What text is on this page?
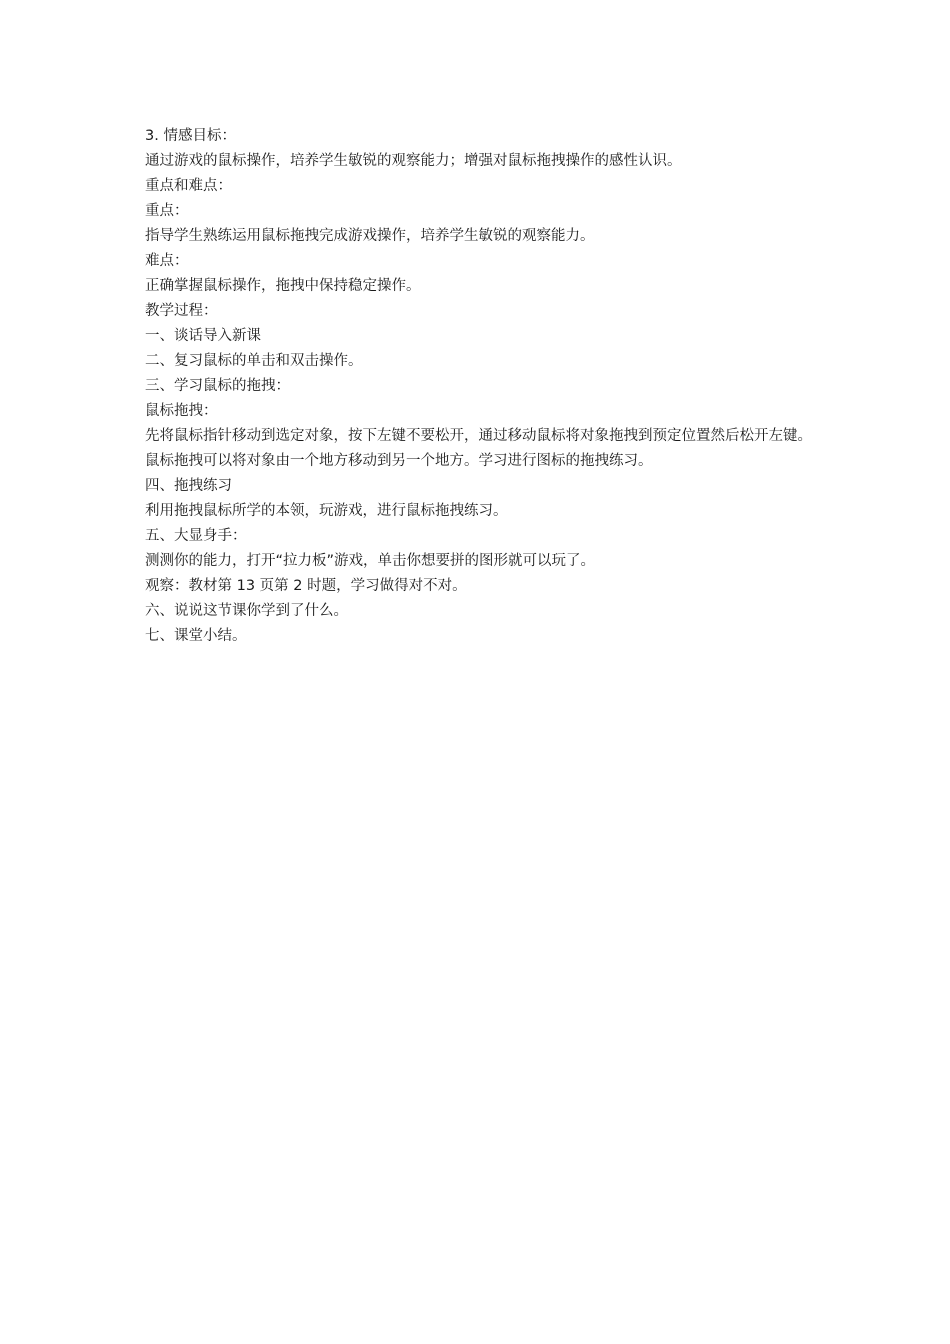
3. 情感目标：

通过游戏的鼠标操作，培养学生敏锐的观察能力；增强对鼠标拖拽操作的感性认识。

重点和难点：

重点：

指导学生熟练运用鼠标拖拽完成游戏操作，培养学生敏锐的观察能力。

难点：

正确掌握鼠标操作，拖拽中保持稳定操作。

教学过程：

一、谈话导入新课

二、复习鼠标的单击和双击操作。

三、学习鼠标的拖拽：

鼠标拖拽：

先将鼠标指针移动到选定对象，按下左键不要松开，通过移动鼠标将对象拖拽到预定位置然后松开左键。鼠标拖拽可以将对象由一个地方移动到另一个地方。学习进行图标的拖拽练习。

四、拖拽练习

利用拖拽鼠标所学的本领，玩游戏，进行鼠标拖拽练习。

五、大显身手：

测测你的能力，打开“拉力板”游戏，单击你想要拼的图形就可以玩了。

观察：教材第 13 页第 2 时题，学习做得对不对。

六、说说这节课你学到了什么。

七、课堂小结。
